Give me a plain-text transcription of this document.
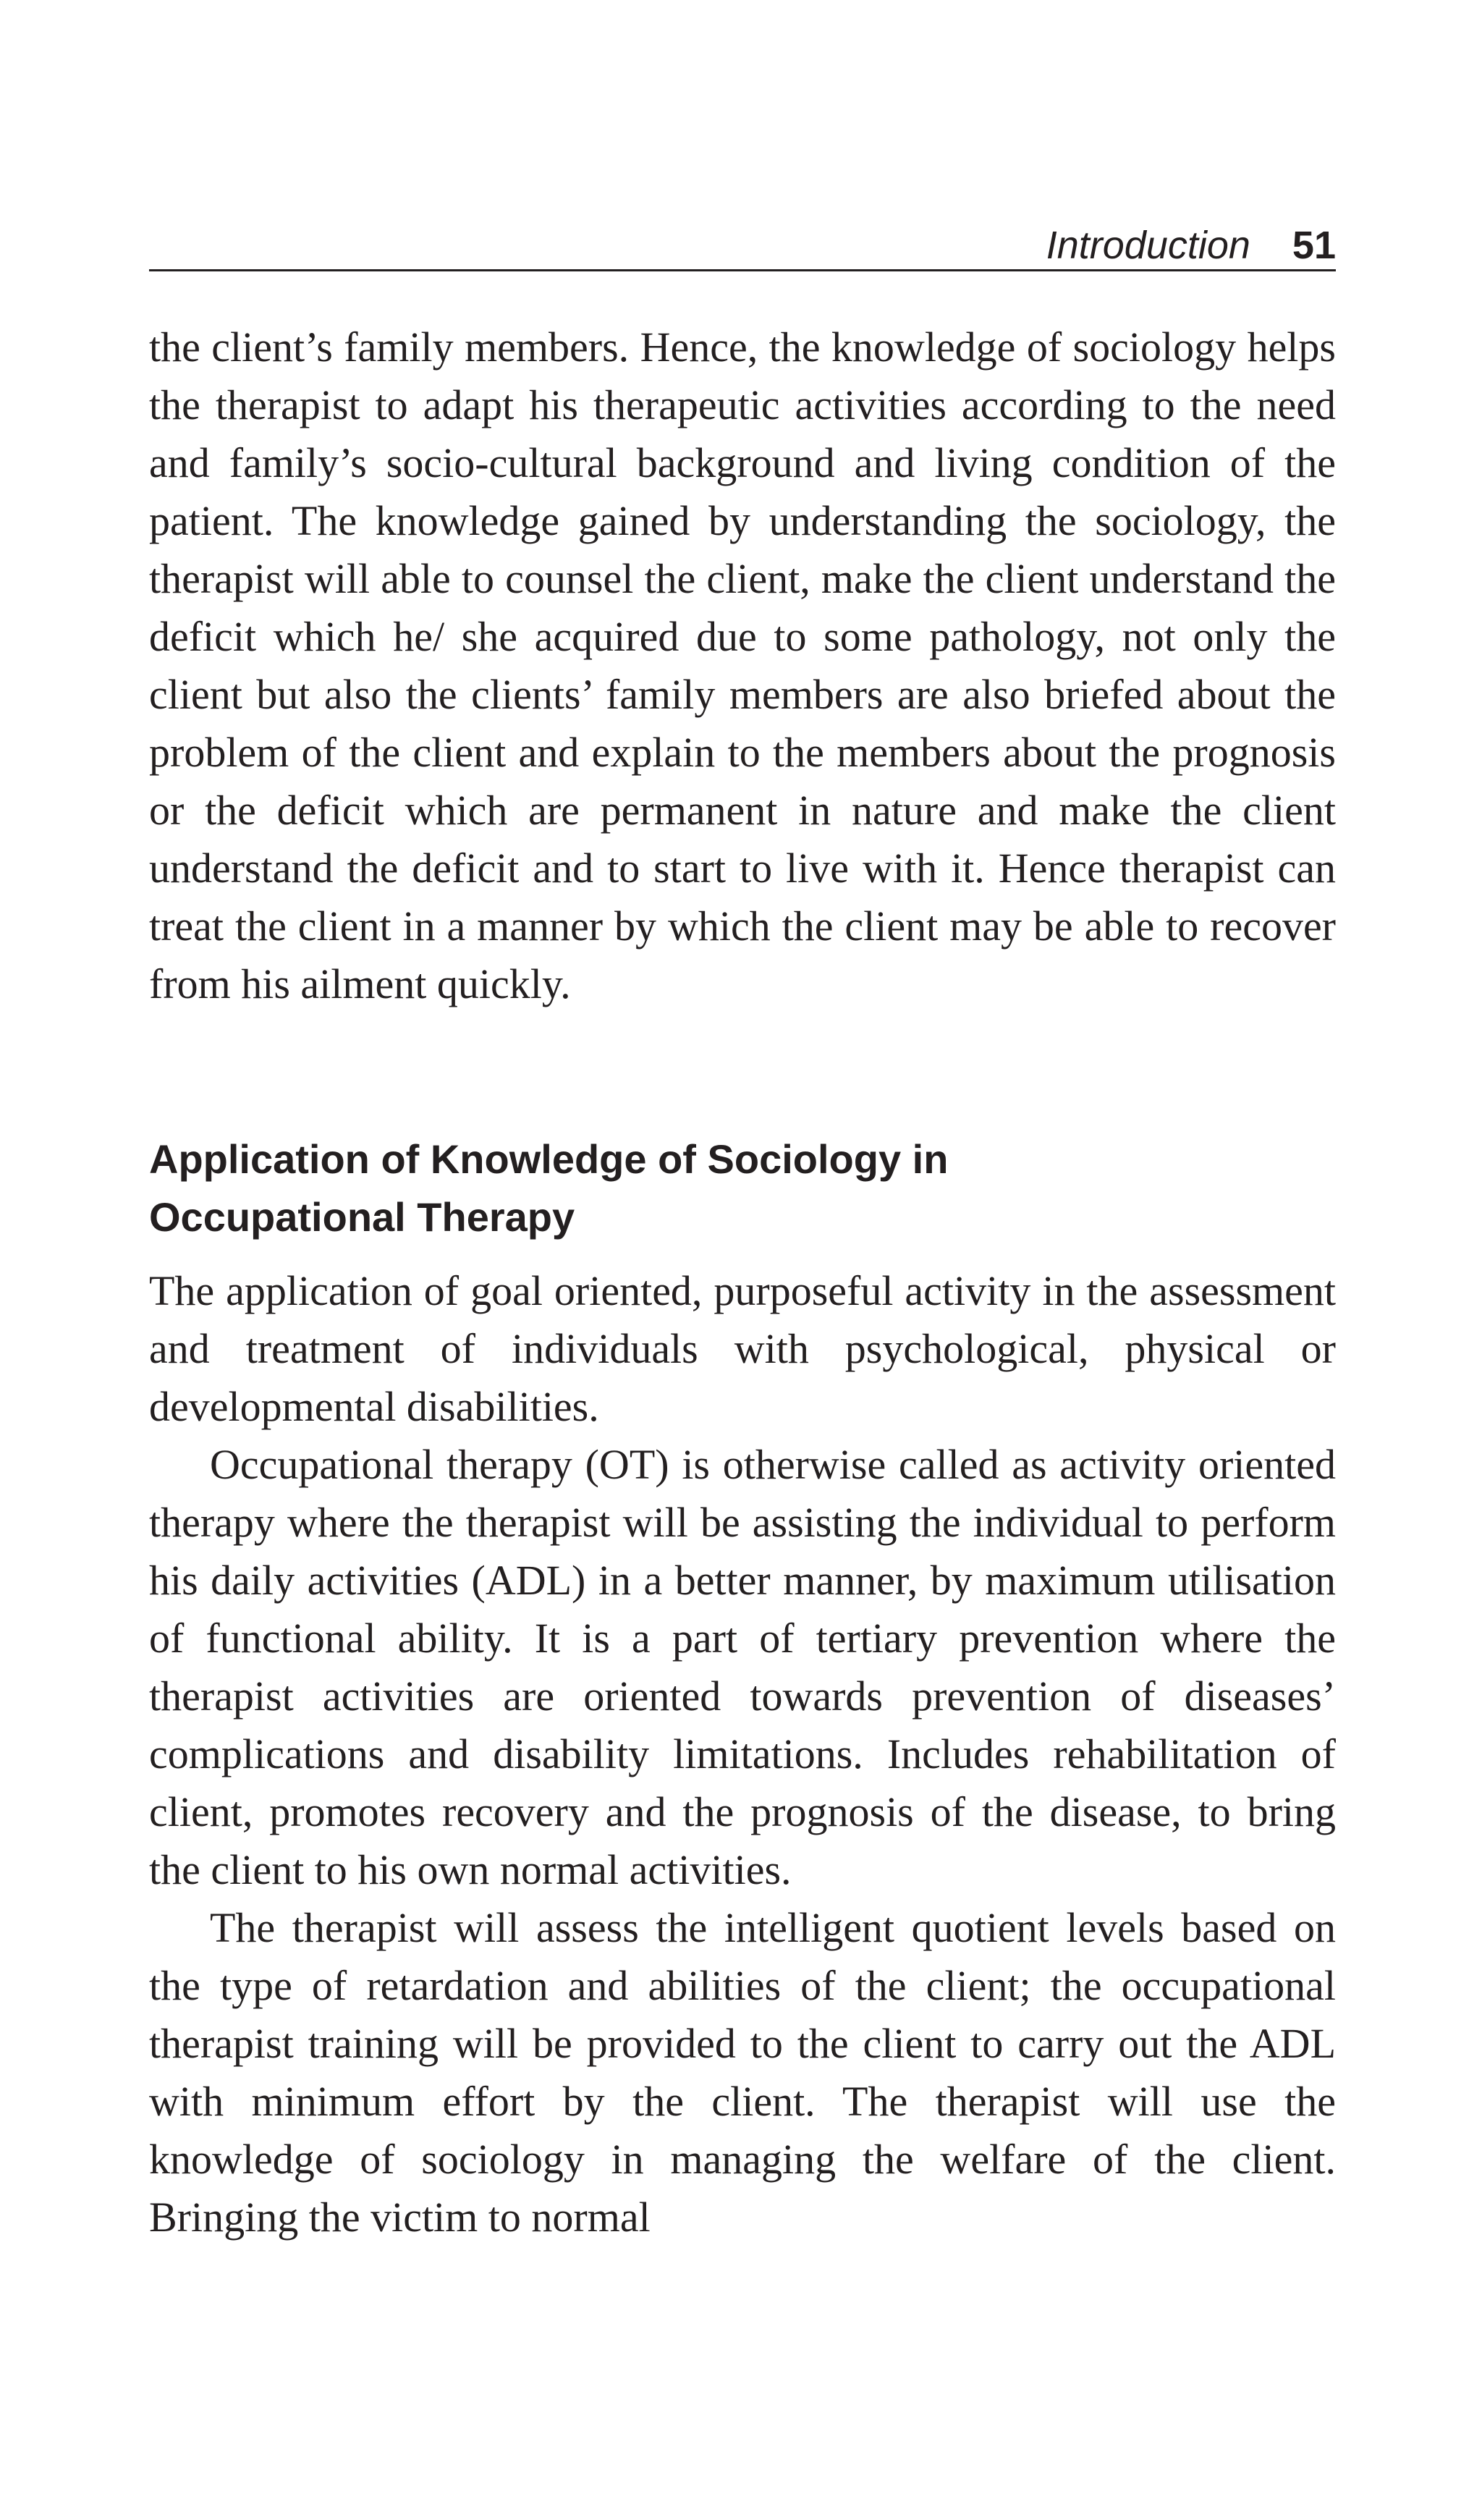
Introduction 51

the client’s family members. Hence, the knowledge of sociology helps the therapist to adapt his therapeutic activities according to the need and family’s socio-cultural background and living condition of the patient. The knowledge gained by understanding the sociology, the therapist will able to counsel the client, make the client understand the deficit which he/ she acquired due to some pathology, not only the client but also the clients’ family members are also briefed about the problem of the client and explain to the members about the prognosis or the deficit which are permanent in nature and make the client understand the deficit and to start to live with it. Hence therapist can treat the client in a manner by which the client may be able to recover from his ailment quickly.

Application of Knowledge of Sociology in
Occupational Therapy

The application of goal oriented, purposeful activity in the assessment and treatment of individuals with psychological, physical or developmental disabilities.

Occupational therapy (OT) is otherwise called as activity oriented therapy where the therapist will be assisting the individual to perform his daily activities (ADL) in a better manner, by maximum utilisation of functional ability. It is a part of tertiary prevention where the therapist activities are oriented towards prevention of diseases’ complications and disability limitations. Includes rehabilitation of client, promotes recovery and the prognosis of the disease, to bring the client to his own normal activities.

The therapist will assess the intelligent quotient levels based on the type of retardation and abilities of the client; the occupational therapist training will be provided to the client to carry out the ADL with minimum effort by the client. The therapist will use the knowledge of sociology in managing the welfare of the client. Bringing the victim to normal
